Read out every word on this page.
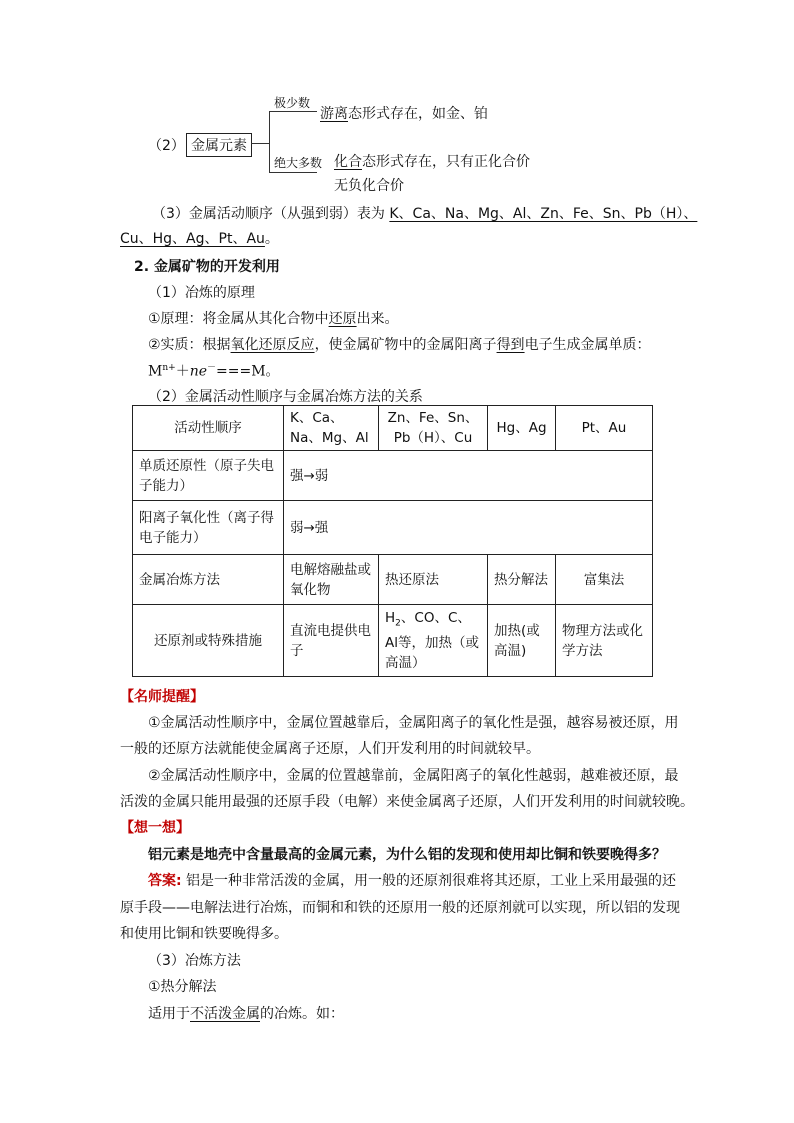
（2） 金属元素
极少数
游离态形式存在，如金、铂
绝大多数 化合态形式存在，只有正化合价
无负化合价
（3）金属活动顺序（从强到弱）表为 K、Ca、Na、Mg、Al、Zn、Fe、Sn、Pb（H）、
Cu、Hg、Ag、Pt、Au。
2. 金属矿物的开发利用
（1）冶炼的原理
①原理：将金属从其化合物中还原出来。
②实质：根据氧化还原反应，使金属矿物中的金属阳离子得到电子生成金属单质：
$M^{n+}+ne^-===M$。
（2）金属活动性顺序与金属冶炼方法的关系
活动性顺序	K、Ca、Na、Mg、Al	Zn、Fe、Sn、Pb（H）、Cu	Hg、Ag	Pt、Au
单质还原性（原子失电子能力）	强→弱			
阳离子氧化性（离子得电子能力）	弱→强			
金属冶炼方法	电解熔融盐或氧化物	热还原法	热分解法	富集法
还原剂或特殊措施	直流电提供电子	$H_2$、CO、C、Al等，加热（或高温）	加热(或高温)	物理方法或化学方法
【名师提醒】
①金属活动性顺序中，金属位置越靠后，金属阳离子的氧化性是强，越容易被还原，用
一般的还原方法就能使金属离子还原，人们开发利用的时间就较早。
②金属活动性顺序中，金属的位置越靠前，金属阳离子的氧化性越弱，越难被还原，最
活泼的金属只能用最强的还原手段（电解）来使金属离子还原，人们开发利用的时间就较晚。
【想一想】
铝元素是地壳中含量最高的金属元素，为什么铝的发现和使用却比铜和铁要晚得多？
答案: 铝是一种非常活泼的金属，用一般的还原剂很难将其还原，工业上采用最强的还
原手段——电解法进行冶炼，而铜和和铁的还原用一般的还原剂就可以实现，所以铝的发现
和使用比铜和铁要晚得多。
（3）冶炼方法
①热分解法
适用于不活泼金属的冶炼。如：
